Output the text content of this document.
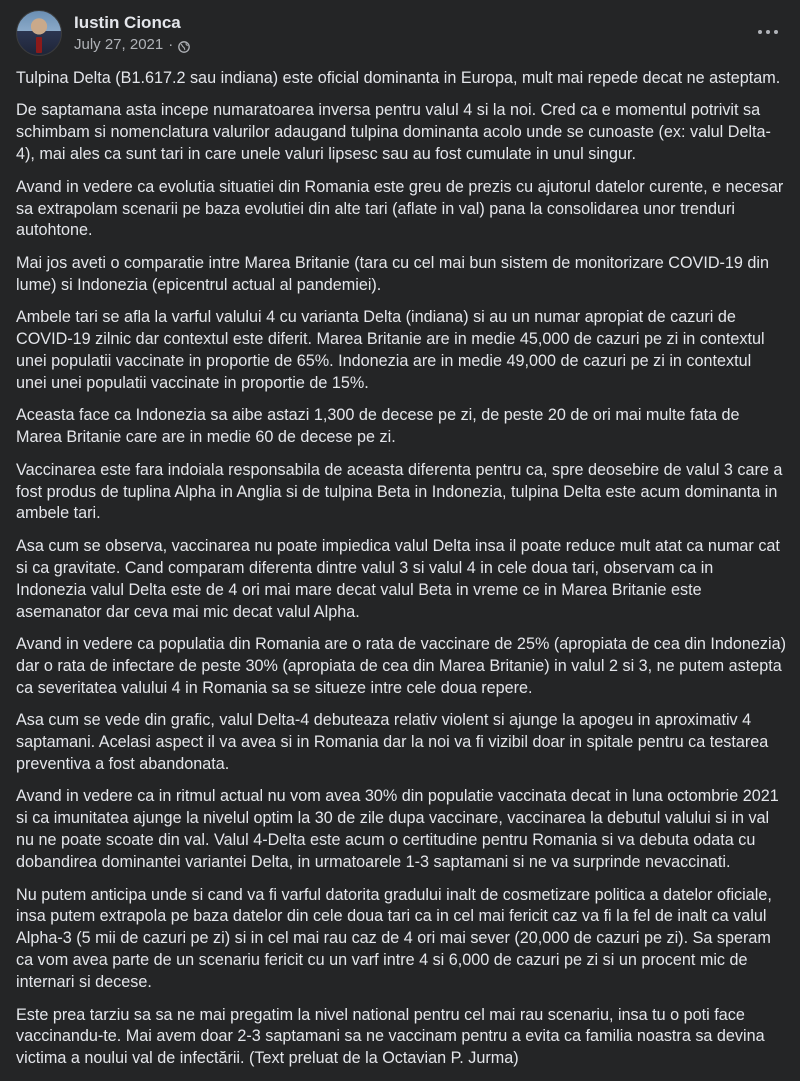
Iustin Cionca
July 27, 2021 ·

Tulpina Delta (B1.617.2 sau indiana) este oficial dominanta in Europa, mult mai repede decat ne asteptam.

De saptamana asta incepe numaratoarea inversa pentru valul 4 si la noi. Cred ca e momentul potrivit sa schimbam si nomenclatura valurilor adaugand tulpina dominanta acolo unde se cunoaste (ex: valul Delta-4), mai ales ca sunt tari in care unele valuri lipsesc sau au fost cumulate in unul singur.

Avand in vedere ca evolutia situatiei din Romania este greu de prezis cu ajutorul datelor curente, e necesar sa extrapolam scenarii pe baza evolutiei din alte tari (aflate in val) pana la consolidarea unor trenduri autohtone.

Mai jos aveti o comparatie intre Marea Britanie (tara cu cel mai bun sistem de monitorizare COVID-19 din lume) si Indonezia (epicentrul actual al pandemiei).

Ambele tari se afla la varful valului 4 cu varianta Delta (indiana) si au un numar apropiat de cazuri de COVID-19 zilnic dar contextul este diferit. Marea Britanie are in medie 45,000 de cazuri pe zi in contextul unei populatii vaccinate in proportie de 65%. Indonezia are in medie 49,000 de cazuri pe zi in contextul unei unei populatii vaccinate in proportie de 15%.

Aceasta face ca Indonezia sa aibe astazi 1,300 de decese pe zi, de peste 20 de ori mai multe fata de Marea Britanie care are in medie 60 de decese pe zi.

Vaccinarea este fara indoiala responsabila de aceasta diferenta pentru ca, spre deosebire de valul 3 care a fost produs de tuplina Alpha in Anglia si de tulpina Beta in Indonezia, tulpina Delta este acum dominanta in ambele tari.

Asa cum se observa, vaccinarea nu poate impiedica valul Delta insa il poate reduce mult atat ca numar cat si ca gravitate. Cand comparam diferenta dintre valul 3 si valul 4 in cele doua tari, observam ca in Indonezia valul Delta este de 4 ori mai mare decat valul Beta in vreme ce in Marea Britanie este asemanator dar ceva mai mic decat valul Alpha.

Avand in vedere ca populatia din Romania are o rata de vaccinare de 25% (apropiata de cea din Indonezia) dar o rata de infectare de peste 30% (apropiata de cea din Marea Britanie) in valul 2 si 3, ne putem astepta ca severitatea valului 4 in Romania sa se situeze intre cele doua repere.

Asa cum se vede din grafic, valul Delta-4 debuteaza relativ violent si ajunge la apogeu in aproximativ 4 saptamani. Acelasi aspect il va avea si in Romania dar la noi va fi vizibil doar in spitale pentru ca testarea preventiva a fost abandonata.

Avand in vedere ca in ritmul actual nu vom avea 30% din populatie vaccinata decat in luna octombrie 2021 si ca imunitatea ajunge la nivelul optim la 30 de zile dupa vaccinare, vaccinarea la debutul valului si in val nu ne poate scoate din val. Valul 4-Delta este acum o certitudine pentru Romania si va debuta odata cu dobandirea dominantei variantei Delta, in urmatoarele 1-3 saptamani si ne va surprinde nevaccinati.

Nu putem anticipa unde si cand va fi varful datorita gradului inalt de cosmetizare politica a datelor oficiale, insa putem extrapola pe baza datelor din cele doua tari ca in cel mai fericit caz va fi la fel de inalt ca valul Alpha-3 (5 mii de cazuri pe zi) si in cel mai rau caz de 4 ori mai sever (20,000 de cazuri pe zi). Sa speram ca vom avea parte de un scenariu fericit cu un varf intre 4 si 6,000 de cazuri pe zi si un procent mic de internari si decese.

Este prea tarziu sa sa ne mai pregatim la nivel national pentru cel mai rau scenariu, insa tu o poti face vaccinandu-te. Mai avem doar 2-3 saptamani sa ne vaccinam pentru a evita ca familia noastra sa devina victima a noului val de infectării. (Text preluat de la Octavian P. Jurma)
